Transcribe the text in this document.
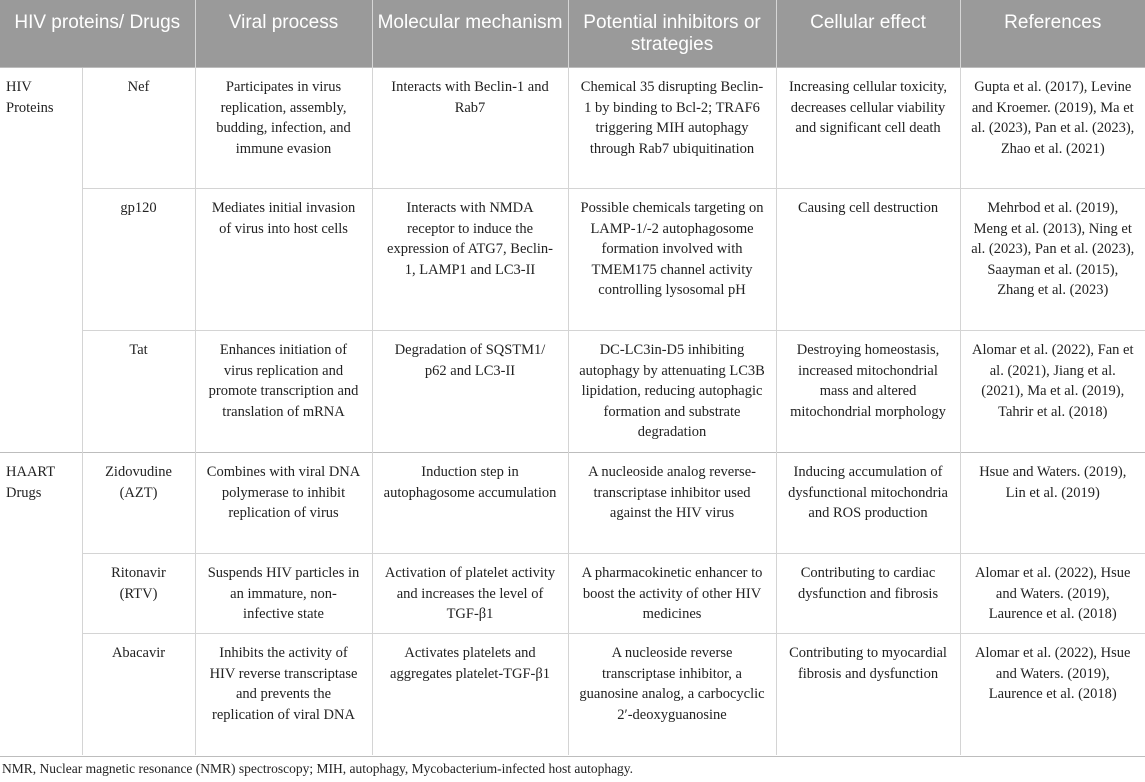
HIV proteins/ Drugs		Viral process	Molecular mechanism	Potential inhibitors or strategies	Cellular effect	References
HIV Proteins	Nef	Participates in virus replication, assembly, budding, infection, and immune evasion	Interacts with Beclin-1 and Rab7	Chemical 35 disrupting Beclin-1 by binding to Bcl-2; TRAF6 triggering MIH autophagy through Rab7 ubiquitination	Increasing cellular toxicity, decreases cellular viability and significant cell death	Gupta et al. (2017), Levine and Kroemer. (2019), Ma et al. (2023), Pan et al. (2023), Zhao et al. (2021)
	gp120	Mediates initial invasion of virus into host cells	Interacts with NMDA receptor to induce the expression of ATG7, Beclin-1, LAMP1 and LC3-II	Possible chemicals targeting on LAMP-1/-2 autophagosome formation involved with TMEM175 channel activity controlling lysosomal pH	Causing cell destruction	Mehrbod et al. (2019), Meng et al. (2013), Ning et al. (2023), Pan et al. (2023), Saayman et al. (2015), Zhang et al. (2023)
	Tat	Enhances initiation of virus replication and promote transcription and translation of mRNA	Degradation of SQSTM1/ p62 and LC3-II	DC-LC3in-D5 inhibiting autophagy by attenuating LC3B lipidation, reducing autophagic formation and substrate degradation	Destroying homeostasis, increased mitochondrial mass and altered mitochondrial morphology	Alomar et al. (2022), Fan et al. (2021), Jiang et al. (2021), Ma et al. (2019), Tahrir et al. (2018)
HAART Drugs	Zidovudine (AZT)	Combines with viral DNA polymerase to inhibit replication of virus	Induction step in autophagosome accumulation	A nucleoside analog reverse-transcriptase inhibitor used against the HIV virus	Inducing accumulation of dysfunctional mitochondria and ROS production	Hsue and Waters. (2019), Lin et al. (2019)
	Ritonavir (RTV)	Suspends HIV particles in an immature, non-infective state	Activation of platelet activity and increases the level of TGF-β1	A pharmacokinetic enhancer to boost the activity of other HIV medicines	Contributing to cardiac dysfunction and fibrosis	Alomar et al. (2022), Hsue and Waters. (2019), Laurence et al. (2018)
	Abacavir	Inhibits the activity of HIV reverse transcriptase and prevents the replication of viral DNA	Activates platelets and aggregates platelet-TGF-β1	A nucleoside reverse transcriptase inhibitor, a guanosine analog, a carbocyclic 2′-deoxyguanosine	Contributing to myocardial fibrosis and dysfunction	Alomar et al. (2022), Hsue and Waters. (2019), Laurence et al. (2018)
NMR, Nuclear magnetic resonance (NMR) spectroscopy; MIH, autophagy, Mycobacterium-infected host autophagy.
